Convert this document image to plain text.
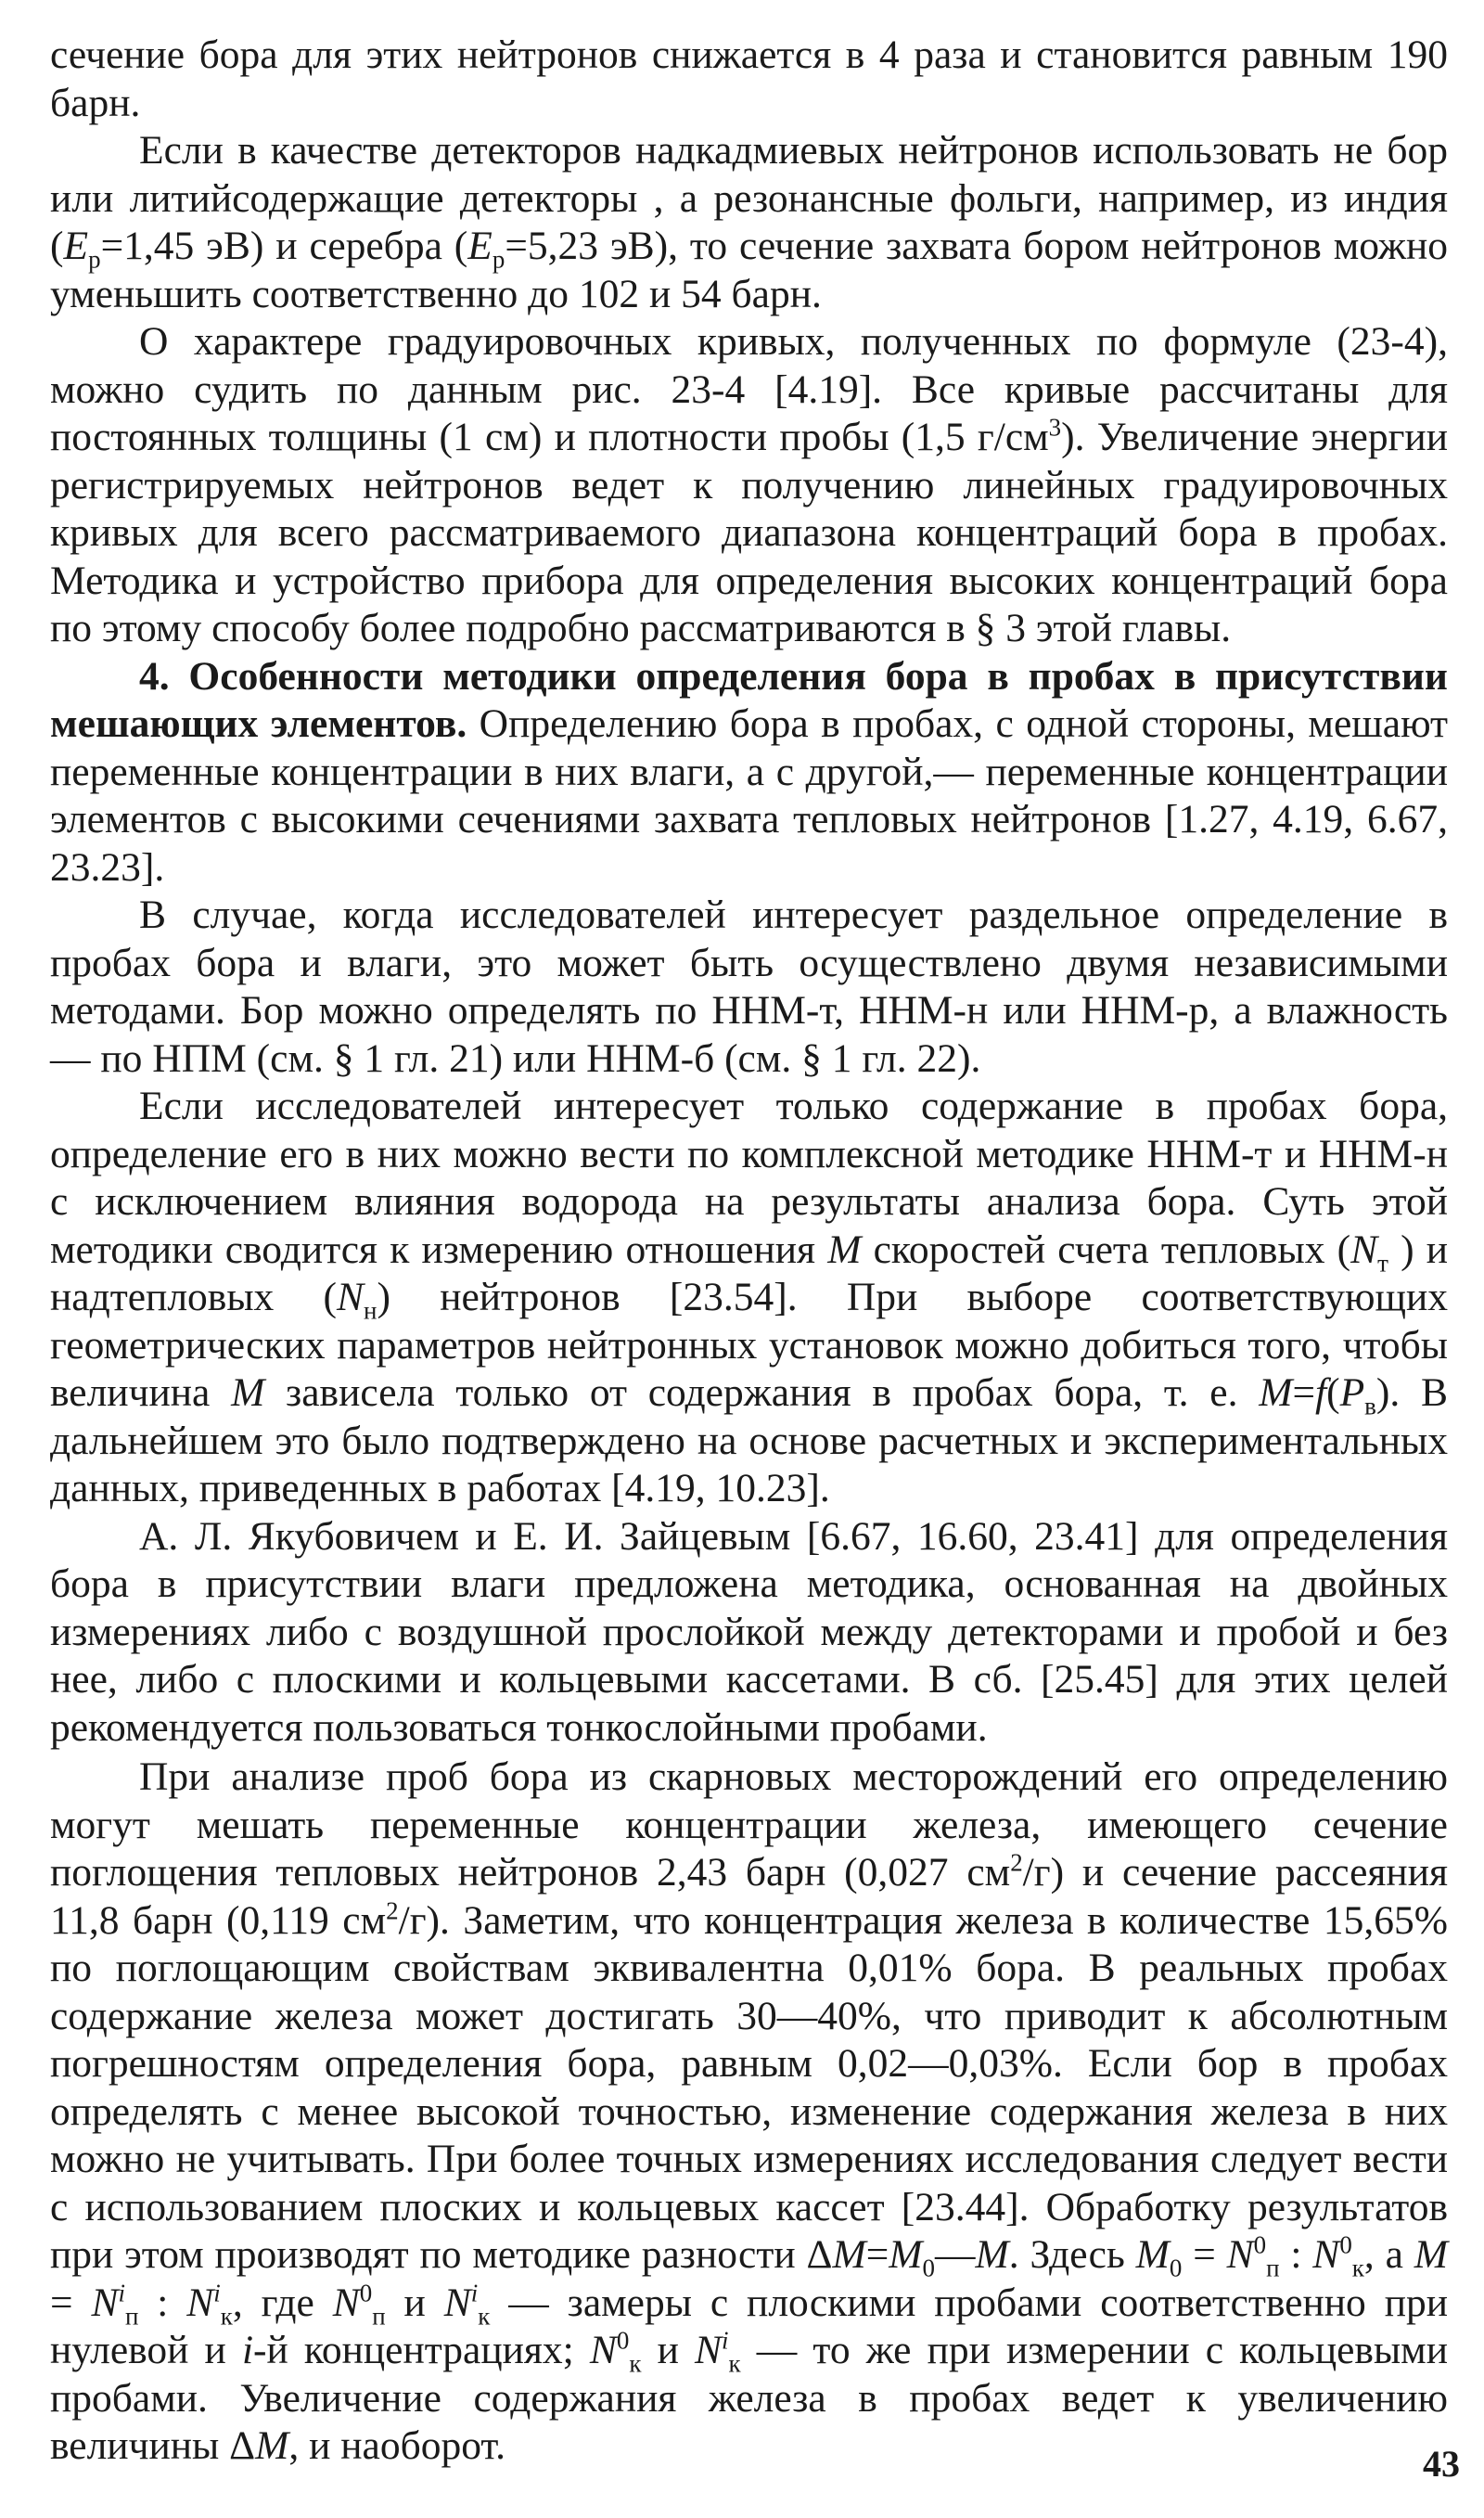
сечение бора для этих нейтронов снижается в 4 раза и становится равным 190 барн.

Если в качестве детекторов надкадмиевых нейтронов использовать не бор или литийсодержащие детекторы , а резонансные фольги, например, из индия ($E_р=1,45$ эВ) и серебра ($E_р=5,23$ эВ), то сечение захвата бором нейтронов можно уменьшить соответственно до 102 и 54 барн.

О характере градуировочных кривых, полученных по формуле (23-4), можно судить по данным рис. 23-4 [4.19]. Все кривые рассчитаны для постоянных толщины (1 см) и плотности пробы (1,5 $г/см^3$). Увеличение энергии регистрируемых нейтронов ведет к получению линейных градуировочных кривых для всего рассматриваемого диапазона концентраций бора в пробах. Методика и устройство прибора для определения высоких концентраций бора по этому способу более подробно рассматриваются в § 3 этой главы.

4. Особенности методики определения бора в пробах в присутствии мешающих элементов. Определению бора в пробах, с одной стороны, мешают переменные концентрации в них влаги, а с другой,— переменные концентрации элементов с высокими сечениями захвата тепловых нейтронов [1.27, 4.19, 6.67, 23.23].

В случае, когда исследователей интересует раздельное определение в пробах бора и влаги, это может быть осуществлено двумя независимыми методами. Бор можно определять по ННМ-т, ННМ-н или ННМ-р, а влажность — по НПМ (см. § 1 гл. 21) или ННМ-б (см. § 1 гл. 22).

Если исследователей интересует только содержание в пробах бора, определение его в них можно вести по комплексной методике ННМ-т и ННМ-н с исключением влияния водорода на результаты анализа бора. Суть этой методики сводится к измерению отношения M скоростей счета тепловых ($N_т$ ) и надтепловых $(N_н)$ нейтронов [23.54]. При выборе соответствующих геометрических параметров нейтронных установок можно добиться того, чтобы величина M зависела только от содержания в пробах бора, т. е. $M=f(P_в)$. В дальнейшем это было подтверждено на основе расчетных и экспериментальных данных, приведенных в работах [4.19, 10.23].

А. Л. Якубовичем и Е. И. Зайцевым [6.67, 16.60, 23.41] для определения бора в присутствии влаги предложена методика, основанная на двойных измерениях либо с воздушной прослойкой между детекторами и пробой и без нее, либо с плоскими и кольцевыми кассетами. В сб. [25.45] для этих целей рекомендуется пользоваться тонкослойными пробами.

При анализе проб бора из скарновых месторождений его определению могут мешать переменные концентрации железа, имеющего сечение поглощения тепловых нейтронов 2,43 барн (0,027 $см^2/г$) и сечение рассеяния 11,8 барн (0,119 $см^2/г$). Заметим, что концентрация железа в количестве 15,65% по поглощающим свойствам эквивалентна 0,01% бора. В реальных пробах содержание железа может достигать 30—40%, что приводит к абсолютным погрешностям определения бора, равным 0,02—0,03%. Если бор в пробах определять с менее высокой точностью, изменение содержания железа в них можно не учитывать. При более точных измерениях исследования следует вести с использованием плоских и кольцевых кассет [23.44]. Обработку результатов при этом производят по методике разности $\Delta M=M_0—M$. Здесь $M_0 = N^0_п$ : $N^0_к$, а $M = N^i_п$ : $N^i_к$, где $N^0_п$ и $N^i_к$ — замеры с плоскими пробами соответственно при нулевой и i-й концентрациях; $N^0_к$ и $N^i_к$ — то же при измерении с кольцевыми пробами. Увеличение содержания железа в пробах ведет к увеличению величины ΔM, и наоборот.	43
